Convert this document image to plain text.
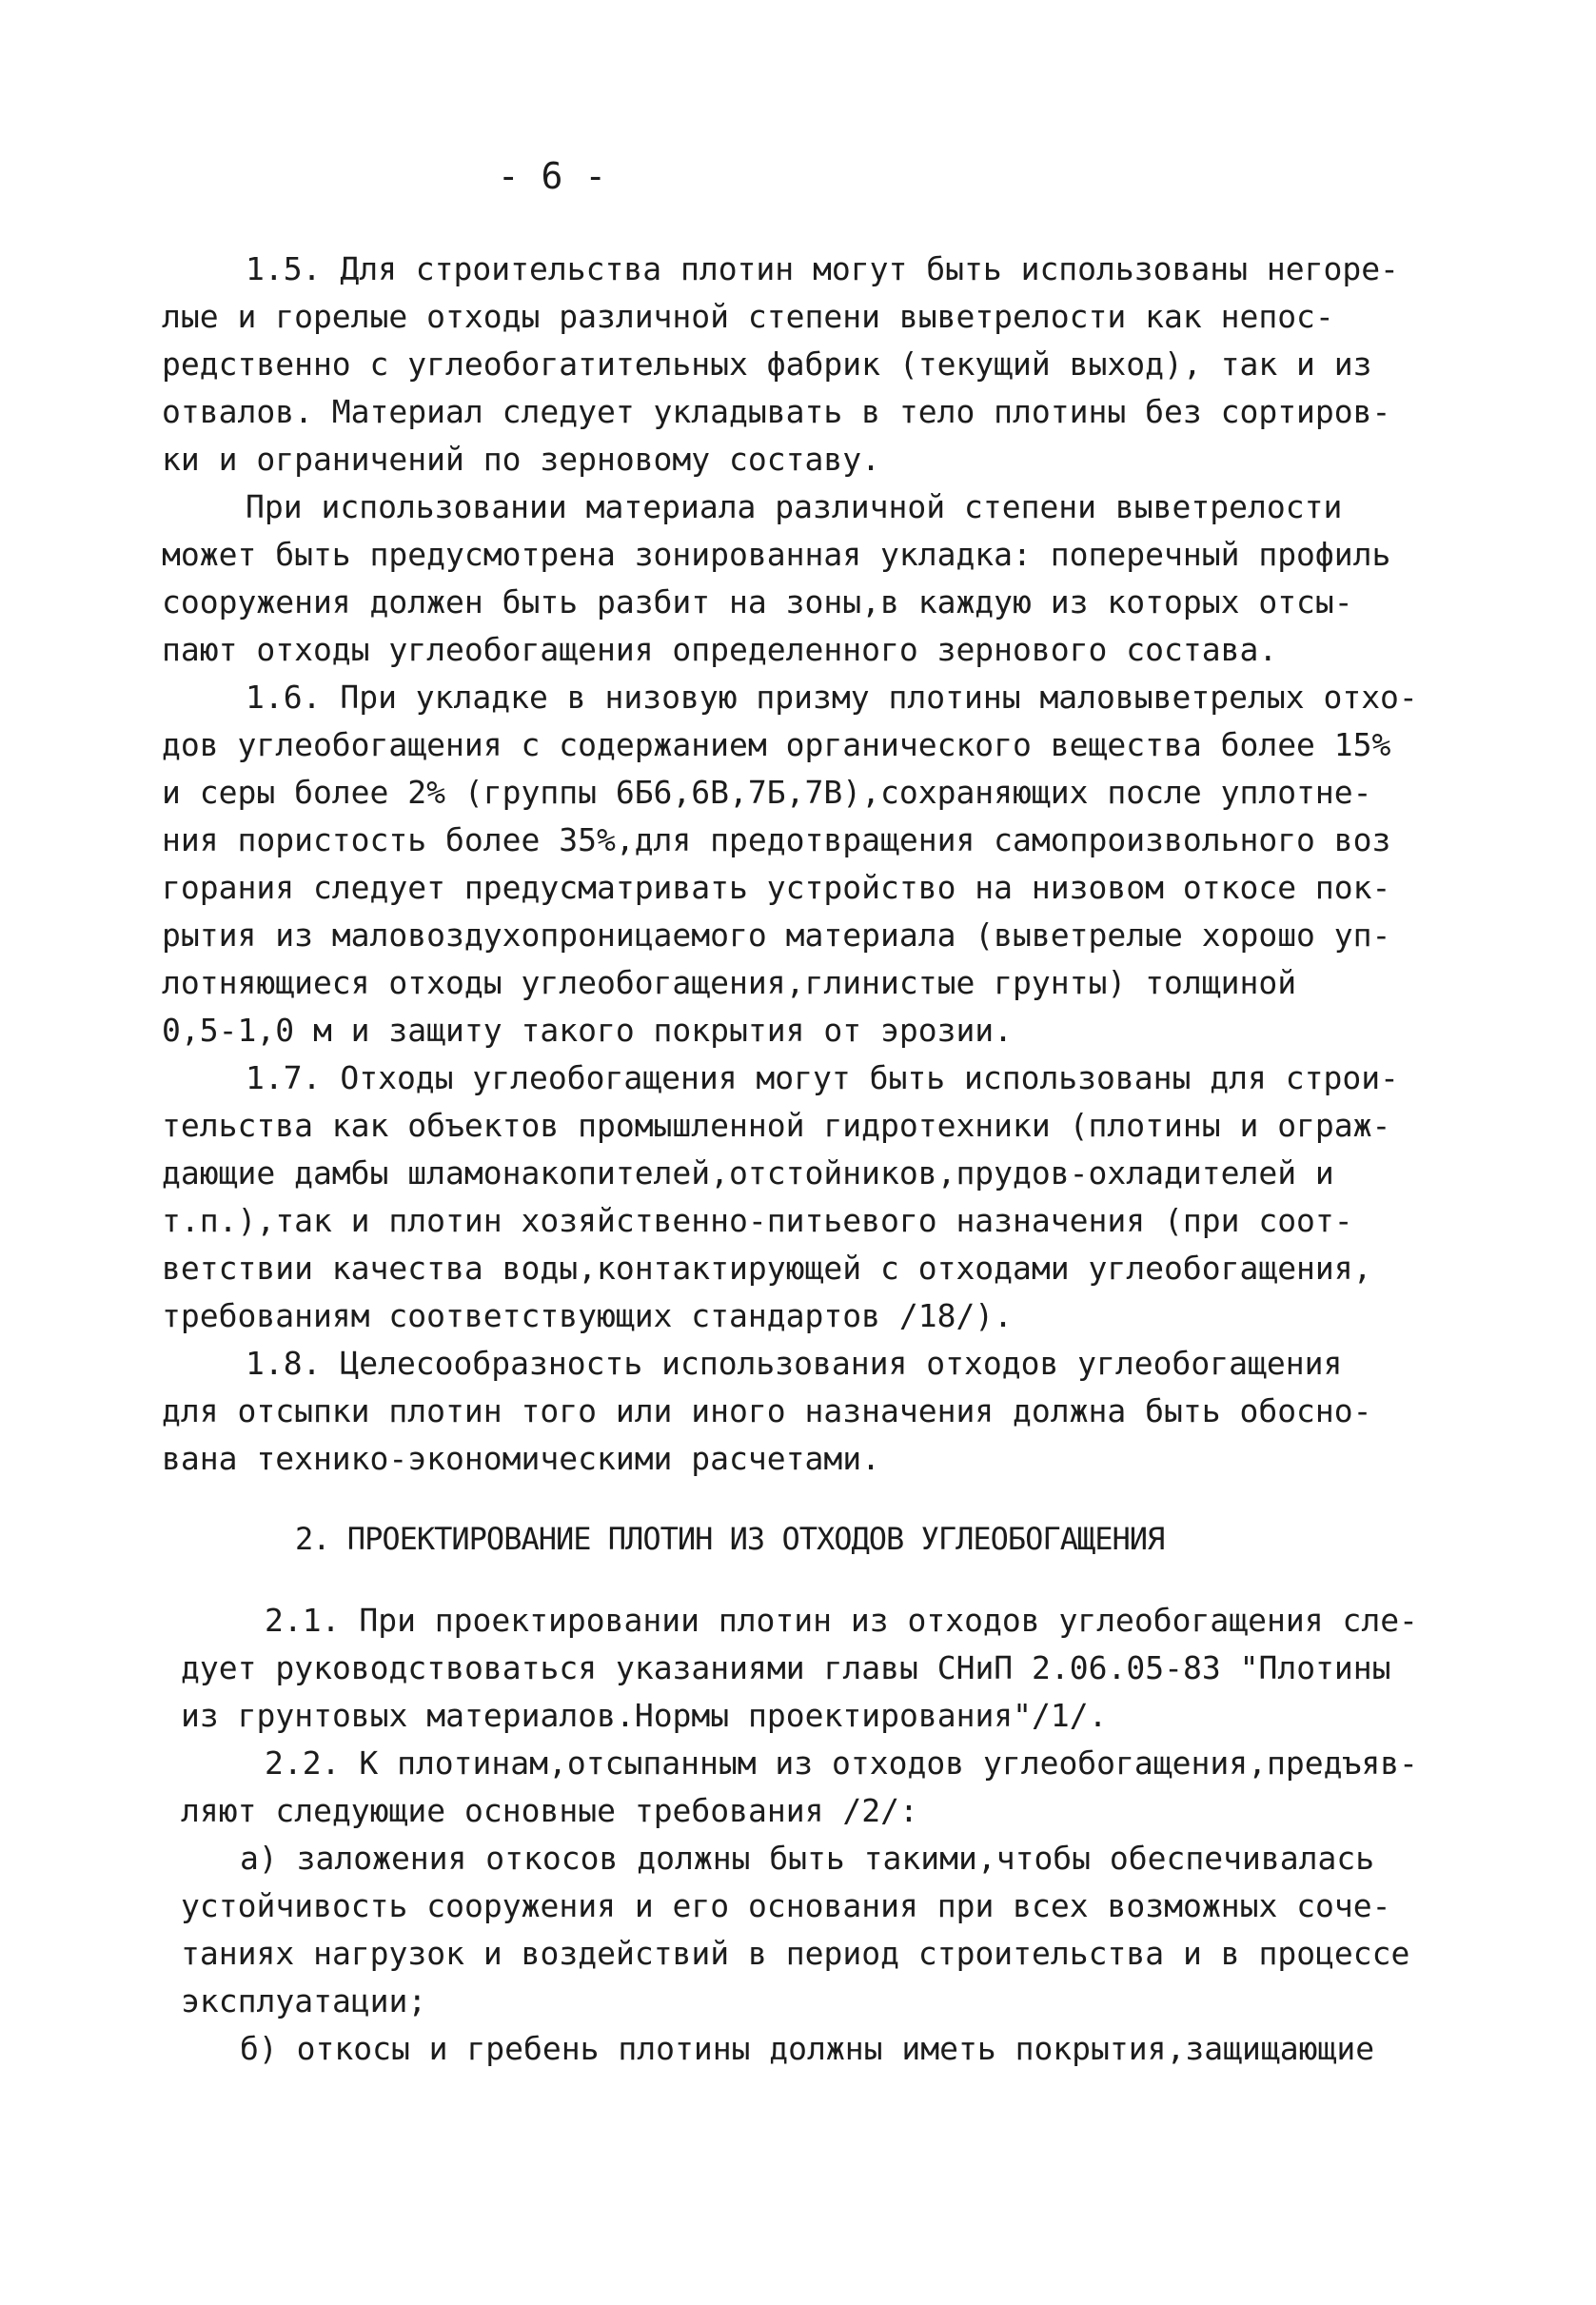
- 6 -
1.5. Для строительства плотин могут быть использованы негоре-
лые и горелые отходы различной степени выветрелости как непос-
редственно с углеобогатительных фабрик (текущий выход), так и из
отвалов. Материал следует укладывать в тело плотины без сортиров-
ки и ограничений по зерновому составу.
При использовании материала различной степени выветрелости
может быть предусмотрена зонированная укладка: поперечный профиль
сооружения должен быть разбит на зоны,в каждую из которых отсы-
пают отходы углеобогащения определенного зернового состава.
1.6. При укладке в низовую призму плотины маловыветрелых отхо-
дов углеобогащения с содержанием органического вещества более 15%
и серы более 2% (группы 6Б6,6В,7Б,7В),сохраняющих после уплотне-
ния пористость более 35%,для предотвращения самопроизвольного воз
горания следует предусматривать устройство на низовом откосе пок-
рытия из маловоздухопроницаемого материала (выветрелые хорошо уп-
лотняющиеся отходы углеобогащения,глинистые грунты) толщиной
0,5-1,0 м и защиту такого покрытия от эрозии.
1.7. Отходы углеобогащения могут быть использованы для строи-
тельства как объектов промышленной гидротехники (плотины и ограж-
дающие дамбы шламонакопителей,отстойников,прудов-охладителей и
т.п.),так и плотин хозяйственно-питьевого назначения (при соот-
ветствии качества воды,контактирующей с отходами углеобогащения,
требованиям соответствующих стандартов /18/).
1.8. Целесообразность использования отходов углеобогащения
для отсыпки плотин того или иного назначения должна быть обосно-
вана технико-экономическими расчетами.
2. ПРОЕКТИРОВАНИЕ ПЛОТИН ИЗ ОТХОДОВ УГЛЕОБОГАЩЕНИЯ
2.1. При проектировании плотин из отходов углеобогащения сле-
дует руководствоваться указаниями главы СНиП 2.06.05-83 "Плотины
из грунтовых материалов.Нормы проектирования"/1/.
2.2. К плотинам,отсыпанным из отходов углеобогащения,предъяв-
ляют следующие основные требования /2/:
а) заложения откосов должны быть такими,чтобы обеспечивалась
устойчивость сооружения и его основания при всех возможных соче-
таниях нагрузок и воздействий в период строительства и в процессе
эксплуатации;
б) откосы и гребень плотины должны иметь покрытия,защищающие
